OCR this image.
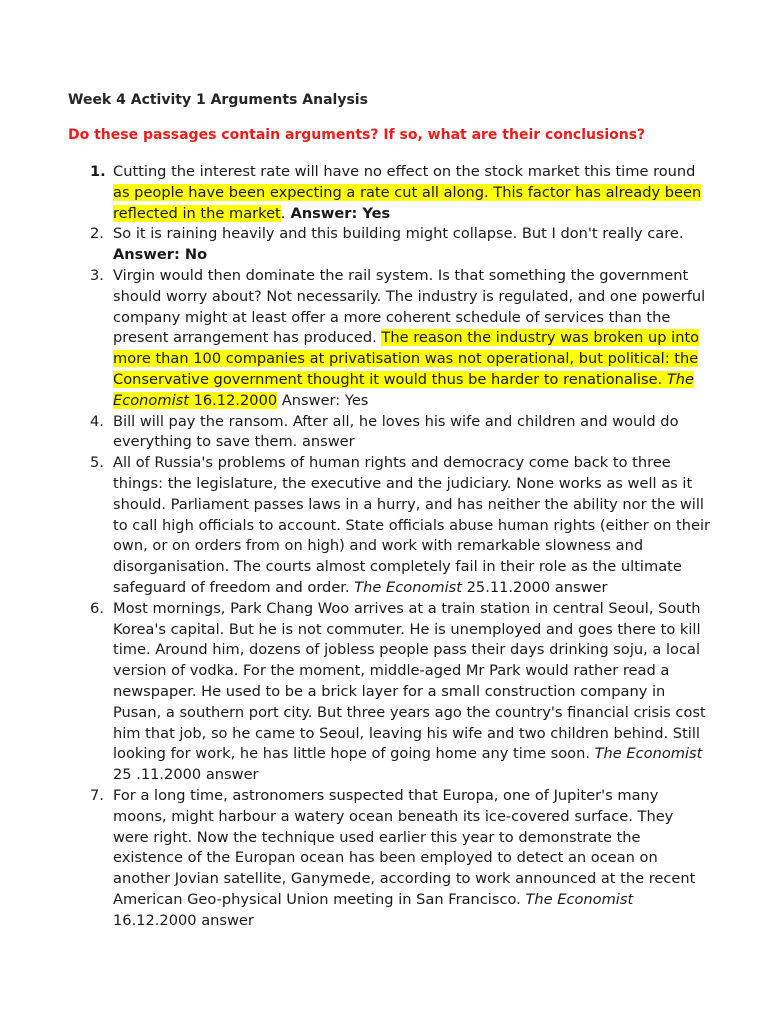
Week 4 Activity 1 Arguments Analysis
Do these passages contain arguments? If so, what are their conclusions?
1. Cutting the interest rate will have no effect on the stock market this time round as people have been expecting a rate cut all along. This factor has already been reflected in the market. Answer: Yes
2. So it is raining heavily and this building might collapse. But I don't really care.
Answer: No
3. Virgin would then dominate the rail system. Is that something the government should worry about? Not necessarily. The industry is regulated, and one powerful company might at least offer a more coherent schedule of services than the present arrangement has produced. The reason the industry was broken up into more than 100 companies at privatisation was not operational, but political: the Conservative government thought it would thus be harder to renationalise. The Economist 16.12.2000 Answer: Yes
4. Bill will pay the ransom. After all, he loves his wife and children and would do everything to save them. answer
5. All of Russia's problems of human rights and democracy come back to three things: the legislature, the executive and the judiciary. None works as well as it should. Parliament passes laws in a hurry, and has neither the ability nor the will to call high officials to account. State officials abuse human rights (either on their own, or on orders from on high) and work with remarkable slowness and disorganisation. The courts almost completely fail in their role as the ultimate safeguard of freedom and order. The Economist 25.11.2000 answer
6. Most mornings, Park Chang Woo arrives at a train station in central Seoul, South Korea's capital. But he is not commuter. He is unemployed and goes there to kill time. Around him, dozens of jobless people pass their days drinking soju, a local version of vodka. For the moment, middle-aged Mr Park would rather read a newspaper. He used to be a brick layer for a small construction company in Pusan, a southern port city. But three years ago the country's financial crisis cost him that job, so he came to Seoul, leaving his wife and two children behind. Still looking for work, he has little hope of going home any time soon. The Economist 25 .11.2000 answer
7. For a long time, astronomers suspected that Europa, one of Jupiter's many moons, might harbour a watery ocean beneath its ice-covered surface. They were right. Now the technique used earlier this year to demonstrate the existence of the Europan ocean has been employed to detect an ocean on another Jovian satellite, Ganymede, according to work announced at the recent American Geo-physical Union meeting in San Francisco. The Economist 16.12.2000 answer
